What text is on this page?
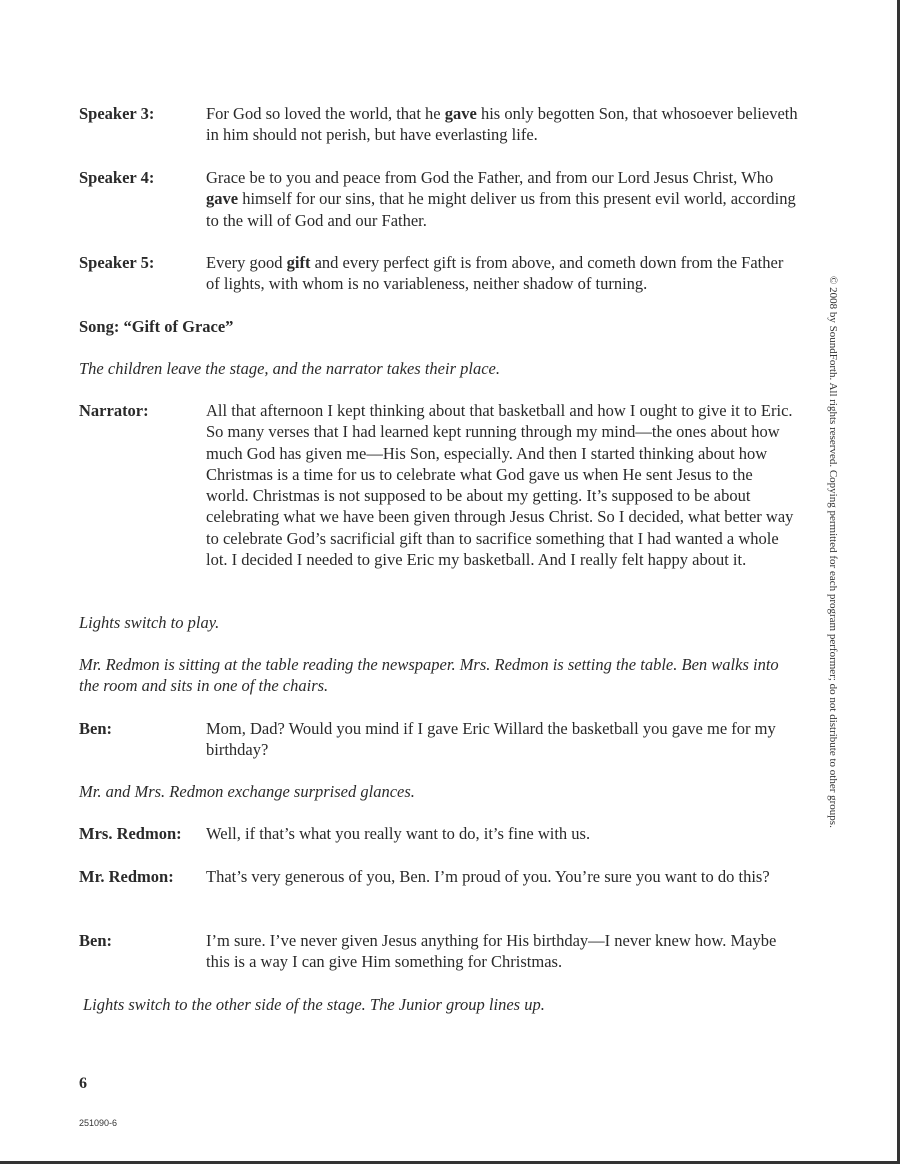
Speaker 3:	For God so loved the world, that he gave his only begotten Son, that whosoever believeth in him should not perish, but have everlasting life.
Speaker 4:	Grace be to you and peace from God the Father, and from our Lord Jesus Christ, Who gave himself for our sins, that he might deliver us from this present evil world, according to the will of God and our Father.
Speaker 5:	Every good gift and every perfect gift is from above, and cometh down from the Father of lights, with whom is no variableness, neither shadow of turning.
Song: “Gift of Grace”
The children leave the stage, and the narrator takes their place.
Narrator:	All that afternoon I kept thinking about that basketball and how I ought to give it to Eric. So many verses that I had learned kept running through my mind—the ones about how much God has given me—His Son, especially. And then I started thinking about how Christmas is a time for us to celebrate what God gave us when He sent Jesus to the world. Christmas is not supposed to be about my getting. It’s supposed to be about celebrating what we have been given through Jesus Christ. So I decided, what better way to celebrate God’s sacrificial gift than to sacrifice something that I had wanted a whole lot. I decided I needed to give Eric my basketball. And I really felt happy about it.
Lights switch to play.
Mr. Redmon is sitting at the table reading the newspaper. Mrs. Redmon is setting the table. Ben walks into the room and sits in one of the chairs.
Ben:	Mom, Dad? Would you mind if I gave Eric Willard the basketball you gave me for my birthday?
Mr. and Mrs. Redmon exchange surprised glances.
Mrs. Redmon: Well, if that’s what you really want to do, it’s fine with us.
Mr. Redmon: That’s very generous of you, Ben. I’m proud of you. You’re sure you want to do this?
Ben:	I’m sure. I’ve never given Jesus anything for His birthday—I never knew how. Maybe this is a way I can give Him something for Christmas.
Lights switch to the other side of the stage. The Junior group lines up.
6
251090-6
© 2008 by SoundForth. All rights reserved. Copying permitted for each program performer; do not distribute to other groups.
